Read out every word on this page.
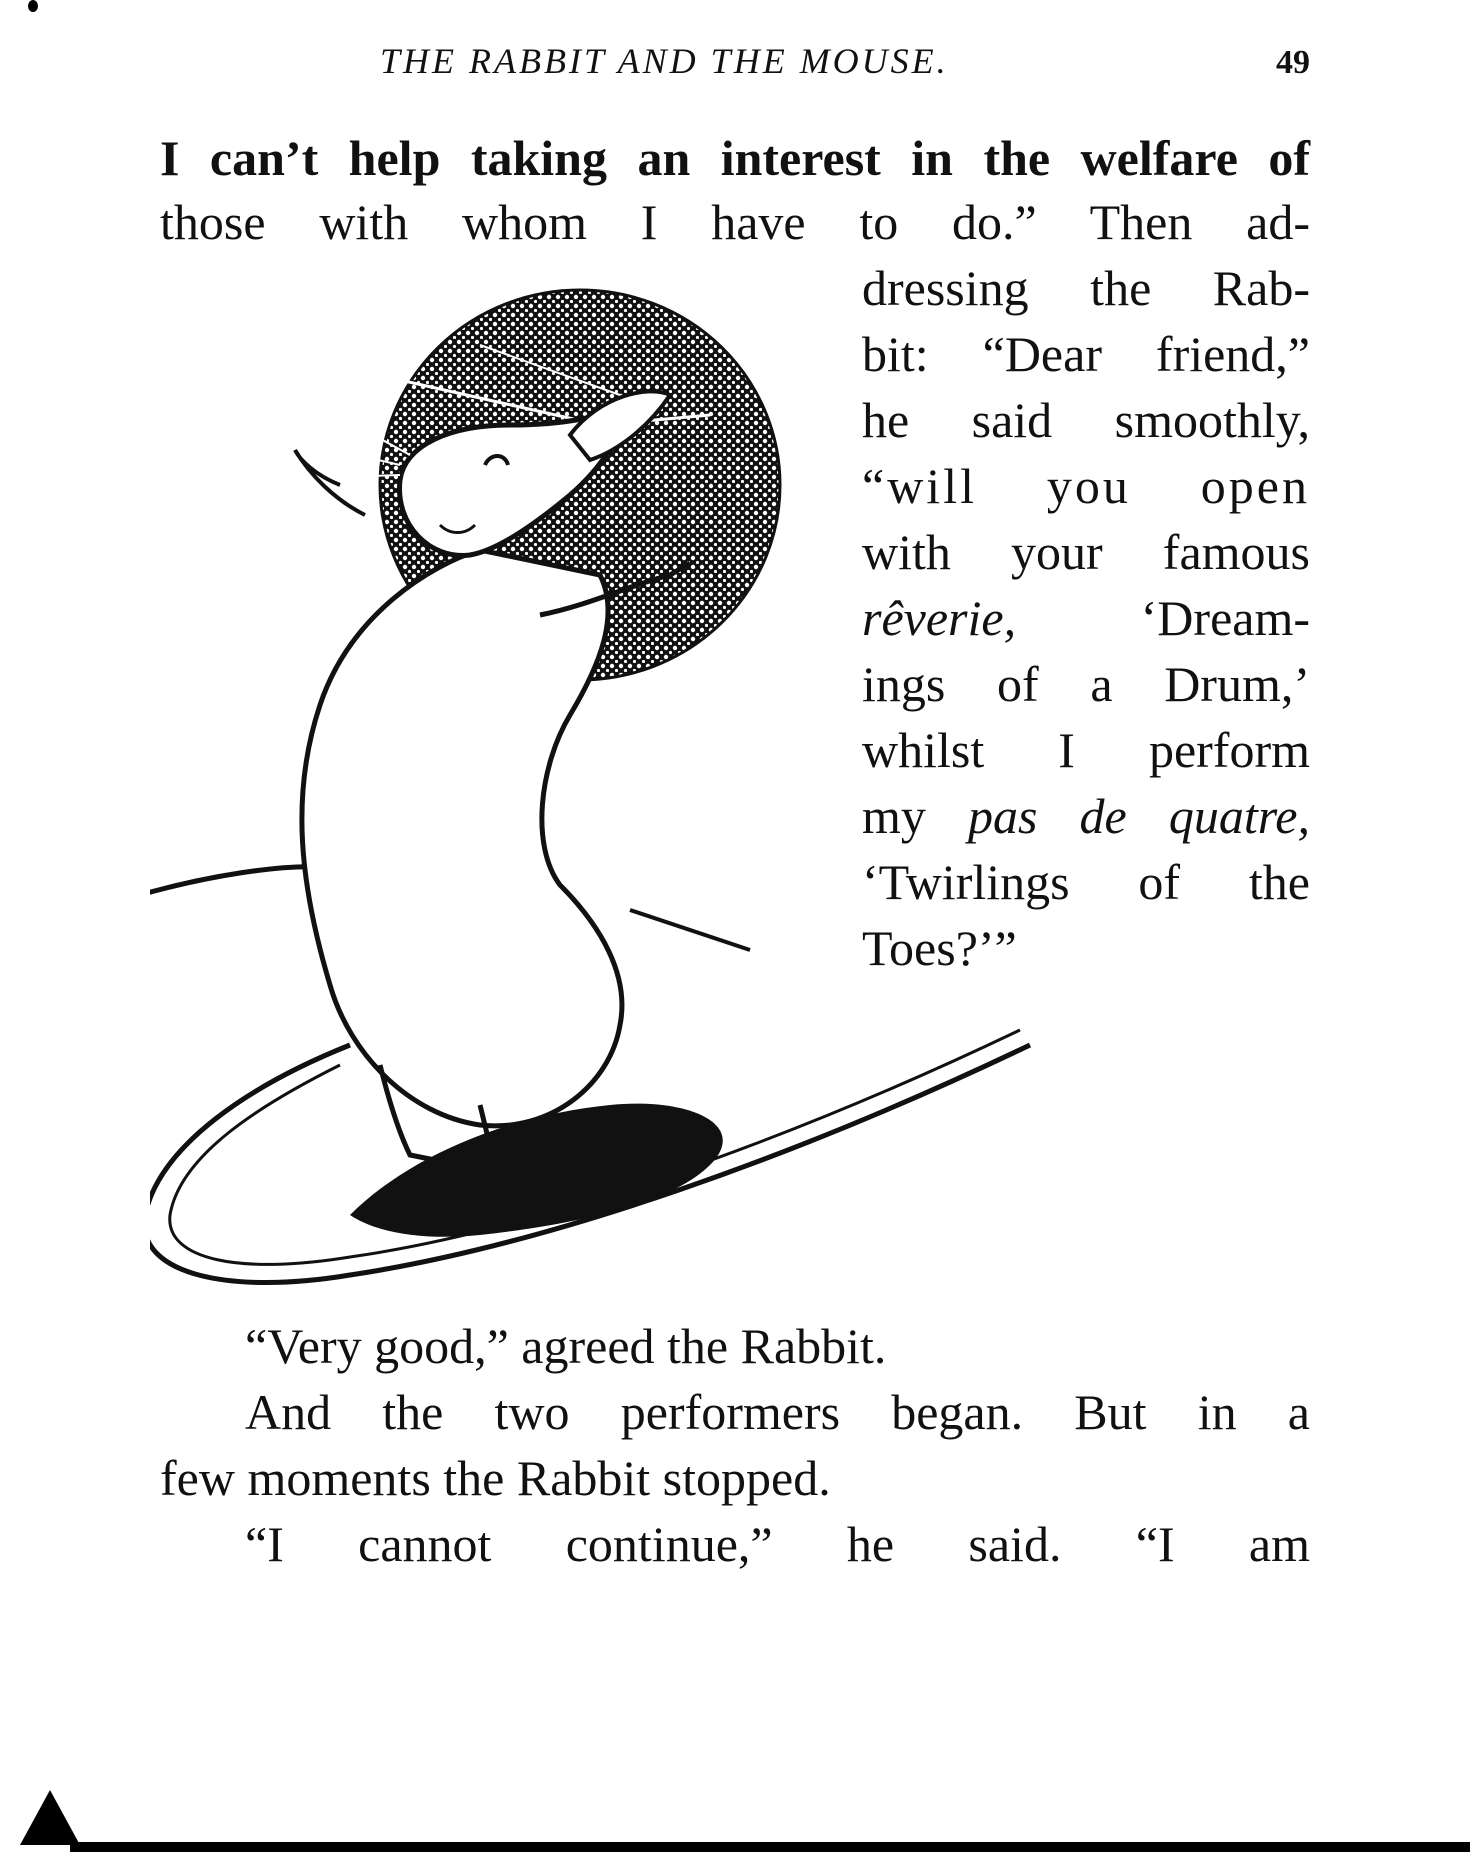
THE RABBIT AND THE MOUSE.	49
I can’t help taking an interest in the welfare of
those with whom I have to do.” Then ad-
dressing the Rab-
bit: “Dear friend,”
he said smoothly,
“will you open
with your famous
rêverie, ‘Dream-
ings of a Drum,’
whilst I perform
my pas de quatre,
‘Twirlings of the
Toes?’”
“Very good,” agreed the Rabbit.
And the two performers began. But in a
few moments the Rabbit stopped.
“I cannot continue,” he said. “I am
